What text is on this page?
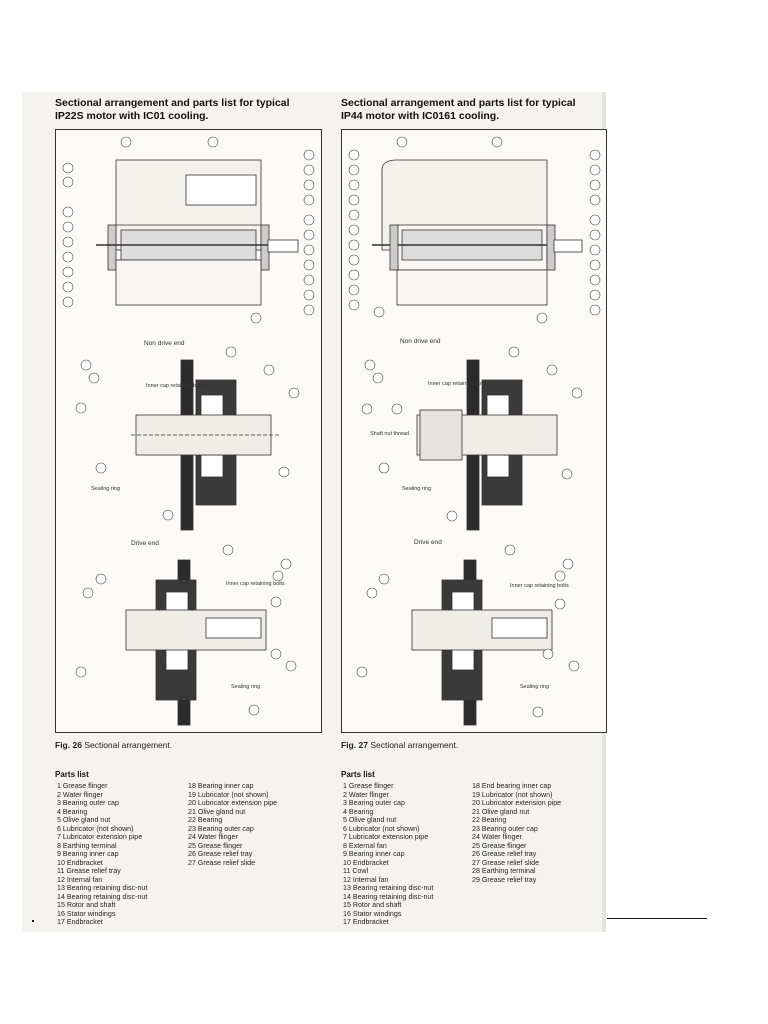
Sectional arrangement and parts list for typical
IP22S motor with IC01 cooling.
Non drive end
Inner cap retaining bolts
Sealing ring
Drive end
Inner cap retaining bolts
Sealing ring
Fig. 26 Sectional arrangement.
Parts list
1 Grease flinger
2 Water flinger
3 Bearing outer cap
4 Bearing
5 Olive gland nut
6 Lubricator (not shown)
7 Lubricator extension pipe
8 Earthing terminal
9 Bearing inner cap
10 Endbracket
11 Grease relief tray
12 Internal fan
13 Bearing retaining disc-nut
14 Bearing retaining disc-nut
15 Rotor and shaft
16 Stator windings
17 Endbracket
18 Bearing inner cap
19 Lubricator (not shown)
20 Lubricator extension pipe
21 Olive gland nut
22 Bearing
23 Bearing outer cap
24 Water flinger
25 Grease flinger
26 Grease relief tray
27 Grease relief slide
Sectional arrangement and parts list for typical
IP44 motor with IC0161 cooling.
Non drive end
Inner cap retaining bolts
Shaft nut thread
Sealing ring
Drive end
Inner cap retaining bolts
Sealing ring
Fig. 27 Sectional arrangement.
Parts list
1 Grease flinger
2 Water flinger
3 Bearing outer cap
4 Bearing
5 Olive gland nut
6 Lubricator (not shown)
7 Lubricator extension pipe
8 External fan
9 Bearing inner cap
10 Endbracket
11 Cowl
12 Internal fan
13 Bearing retaining disc-nut
14 Bearing retaining disc-nut
15 Rotor and shaft
16 Stator windings
17 Endbracket
18 End bearing inner cap
19 Lubricator (not shown)
20 Lubricator extension pipe
21 Olive gland nut
22 Bearing
23 Bearing outer cap
24 Water flinger
25 Grease flinger
26 Grease relief tray
27 Grease relief slide
28 Earthing terminal
29 Grease relief tray
